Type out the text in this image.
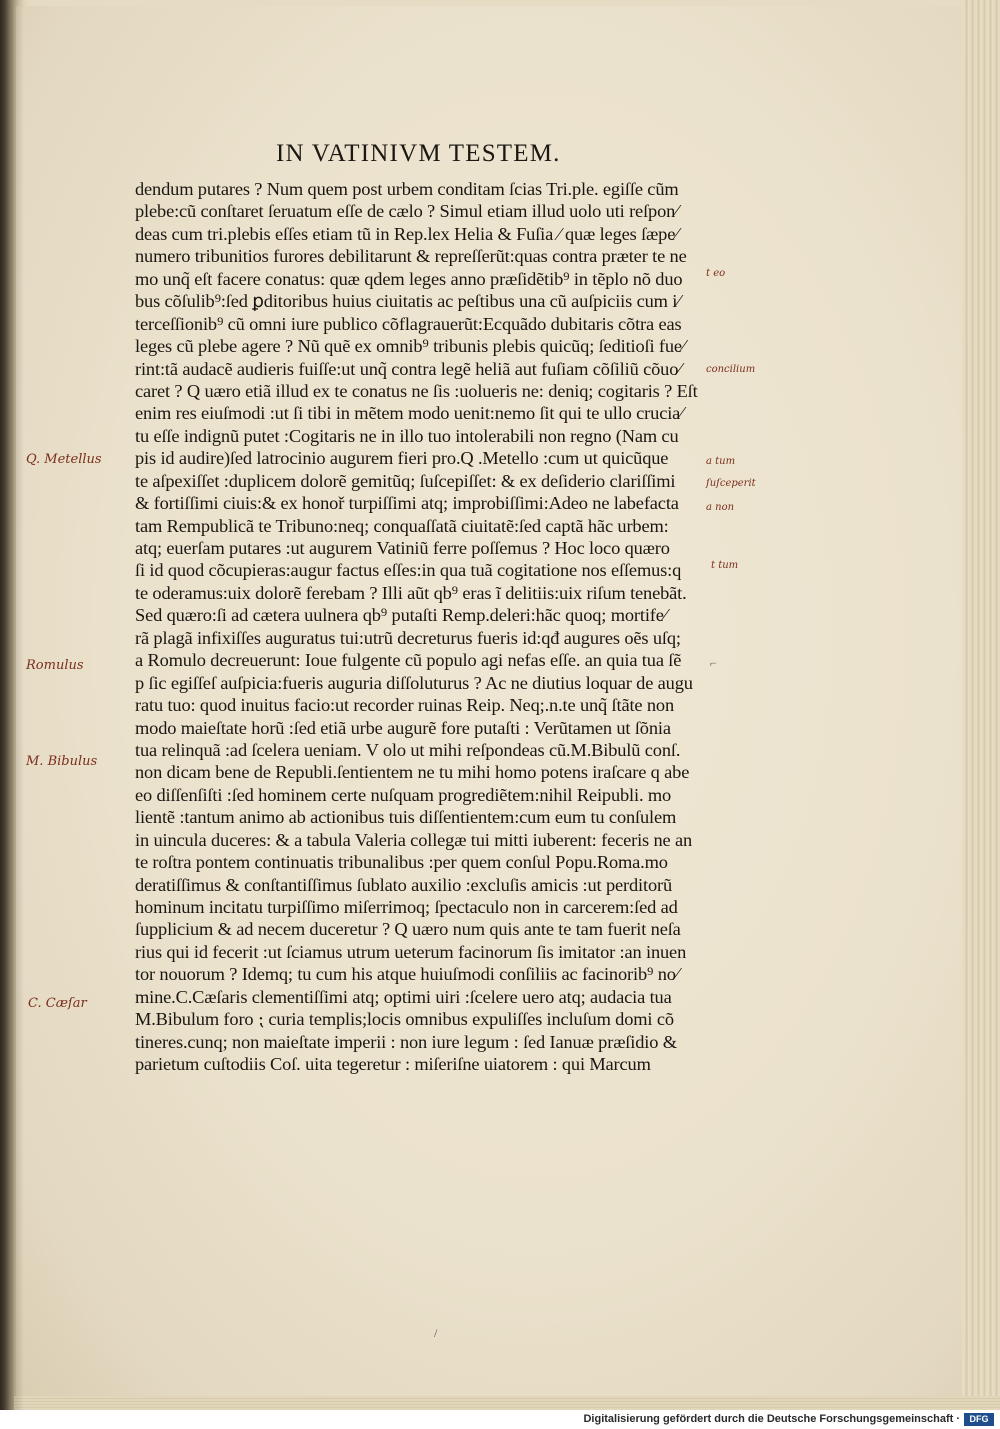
IN VATINIVM TESTEM.
dendum putares ? Num quem post urbem conditam ſcias Tri.ple. egiſſe cũm
plebe:cũ conſtaret ſeruatum eſſe de cælo ? Simul etiam illud uolo uti reſpon⁄
deas cum tri.plebis eſſes etiam tũ in Rep.lex Helia & Fuſia ⁄ quæ leges ſæpe⁄
numero tribunitios furores debilitarunt & repreſſerũt:quas contra præter te ne
mo unq̃ eſt facere conatus: quæ qdem leges anno præſidẽtib⁹ in tẽplo nõ duo
bus cõſulib⁹:ſed ꝑditoribus huius ciuitatis ac peſtibus una cũ auſpiciis cum i⁄
terceſſionib⁹ cũ omni iure publico cõflagrauerũt:Ecquãdo dubitaris cõtra eas
leges cũ plebe agere ? Nũ quẽ ex omnib⁹ tribunis plebis quicũq; ſeditioſi fue⁄
rint:tã audacẽ audieris fuiſſe:ut unq̃ contra legẽ heliã aut fuſiam cõſiliũ cõuo⁄
caret ? Q uæro etiã illud ex te conatus ne ſis :uolueris ne: deniq; cogitaris ? Eſt
enim res eiuſmodi :ut ſi tibi in mẽtem modo uenit:nemo ſit qui te ullo crucia⁄
tu eſſe indignũ putet :Cogitaris ne in illo tuo intolerabili non regno (Nam cu
pis id audire)ſed latrocinio augurem fieri pro.Q .Metello :cum ut quicũque
te aſpexiſſet :duplicem dolorẽ gemitũq; ſuſcepiſſet: & ex deſiderio clariſſimi
& fortiſſimi ciuis:& ex honoř turpiſſimi atq; improbiſſimi:Adeo ne labefacta
tam Rempublicã te Tribuno:neq; conquaſſatã ciuitatẽ:ſed captã hãc urbem:
atq; euerſam putares :ut augurem Vatiniũ ferre poſſemus ? Hoc loco quæro
ſi id quod cõcupieras:augur factus eſſes:in qua tuã cogitatione nos eſſemus:q
te oderamus:uix dolorẽ ferebam ? Illi aũt qb⁹ eras ĩ delitiis:uix riſum tenebãt.
Sed quæro:ſi ad cætera uulnera qb⁹ putaſti Remp.deleri:hãc quoq; mortife⁄
rã plagã infixiſſes auguratus tui:utrũ decreturus fueris id:qđ augures oẽs uſq;
a Romulo decreuerunt: Ioue fulgente cũ populo agi nefas eſſe. an quia tua ſẽ
p ſic egiſſeſ auſpicia:fueris auguria diſſoluturus ? Ac ne diutius loquar de augu
ratu tuo: quod inuitus facio:ut recorder ruinas Reip. Neq;.n.te unq̃ ſtãte non
modo maieſtate horũ :ſed etiã urbe augurẽ fore putaſti : Verũtamen ut ſõnia
tua relinquã :ad ſcelera ueniam. V olo ut mihi reſpondeas cũ.M.Bibulũ conſ.
non dicam bene de Republi.ſentientem ne tu mihi homo potens iraſcare q abe
eo diſſenſiſti :ſed hominem certe nuſquam progrediẽtem:nihil Reipubli. mo
lientẽ :tantum animo ab actionibus tuis diſſentientem:cum eum tu conſulem
in uincula duceres: & a tabula Valeria collegæ tui mitti iuberent: feceris ne an
te roſtra pontem continuatis tribunalibus :per quem conſul Popu.Roma.mo
deratiſſimus & conſtantiſſimus ſublato auxilio :excluſis amicis :ut perditorũ
hominum incitatu turpiſſimo miſerrimoq; ſpectaculo non in carcerem:ſed ad
ſupplicium & ad necem duceretur ? Q uæro num quis ante te tam fuerit neſa
rius qui id fecerit :ut ſciamus utrum ueterum facinorum ſis imitator :an inuen
tor nouorum ? Idemq; tu cum his atque huiuſmodi conſiliis ac facinorib⁹ no⁄
mine.C.Cæſaris clementiſſimi atq; optimi uiri :ſcelere uero atq; audacia tua
M.Bibulum foro ⁏ curia templis;locis omnibus expuliſſes incluſum domi cõ
tineres.cunq; non maieſtate imperii : non iure legum : ſed Ianuæ præſidio &
parietum cuſtodiis Coſ. uita tegeretur : miſeriſne uiatorem : qui Marcum
Q. Metellus
Romulus
M. Bibulus
C. Cæſar
t eo
concilium
a tum
ſuſceperit
a non
t tum
⌐
/
Digitalisierung gefördert durch die Deutsche Forschungsgemeinschaft ·	DFG
